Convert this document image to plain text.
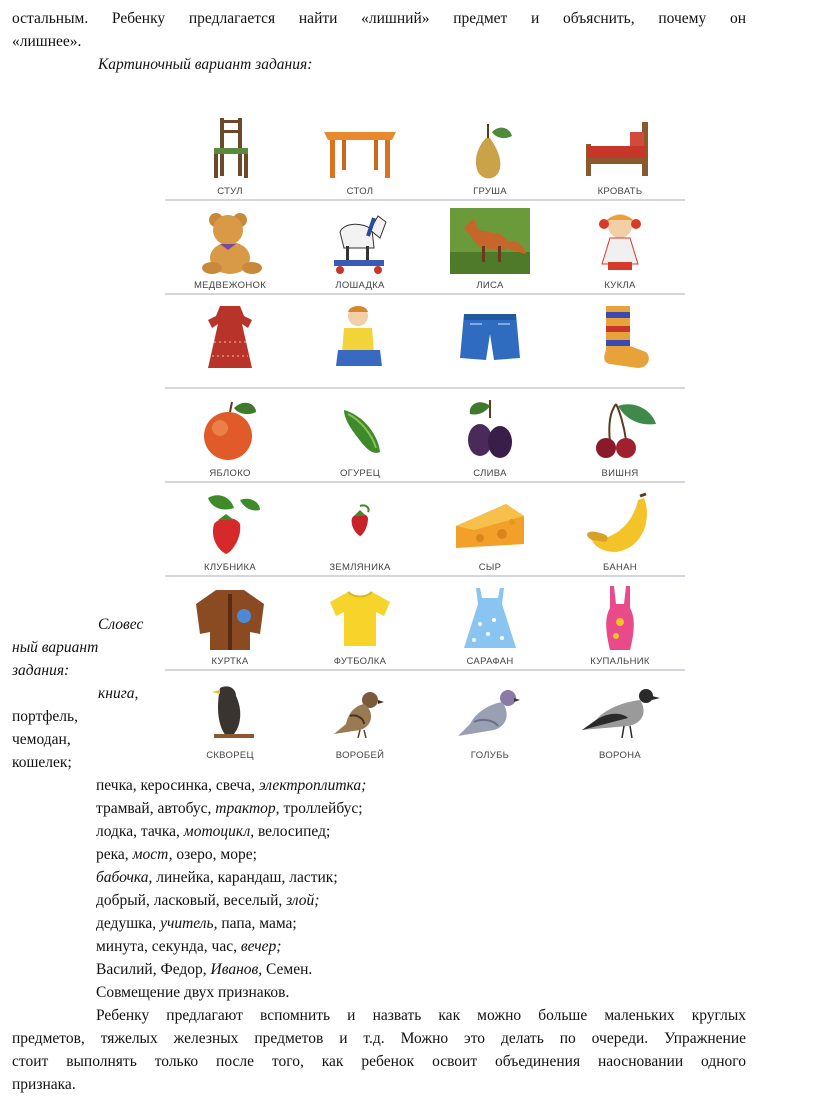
остальным. Ребенку предлагается найти «лишний» предмет и объяснить, почему он
«лишнее».
Картиночный вариант задания:
СТУЛ	СТОЛ	ГРУША	КРОВАТЬ
МЕДВЕЖОНОК	ЛОШАДКА	ЛИСА	КУКЛА
ЯБЛОКО	ОГУРЕЦ	СЛИВА	ВИШНЯ
КЛУБНИКА	ЗЕМЛЯНИКА	СЫР	БАНАН
КУРТКА	ФУТБОЛКА	САРАФАН	КУПАЛЬНИК
СКВОРЕЦ	ВОРОБЕЙ	ГОЛУБЬ	ВОРОНА
Словес
ный вариант
задания:
книга,
портфель,
чемодан,
кошелек;
печка, керосинка, свеча, электроплитка;
трамвай, автобус, трактор, троллейбус;
лодка, тачка, мотоцикл, велосипед;
река, мост, озеро, море;
бабочка, линейка, карандаш, ластик;
добрый, ласковый, веселый, злой;
дедушка, учитель, папа, мама;
минута, секунда, час, вечер;
Василий, Федор, Иванов, Семен.
Совмещение двух признаков.
Ребенку предлагают вспомнить и назвать как можно больше маленьких круглых
предметов, тяжелых железных предметов и т.д. Можно это делать по очереди. Упражнение
стоит выполнять только после того, как ребенок освоит объединения наосновании одного
признака.
